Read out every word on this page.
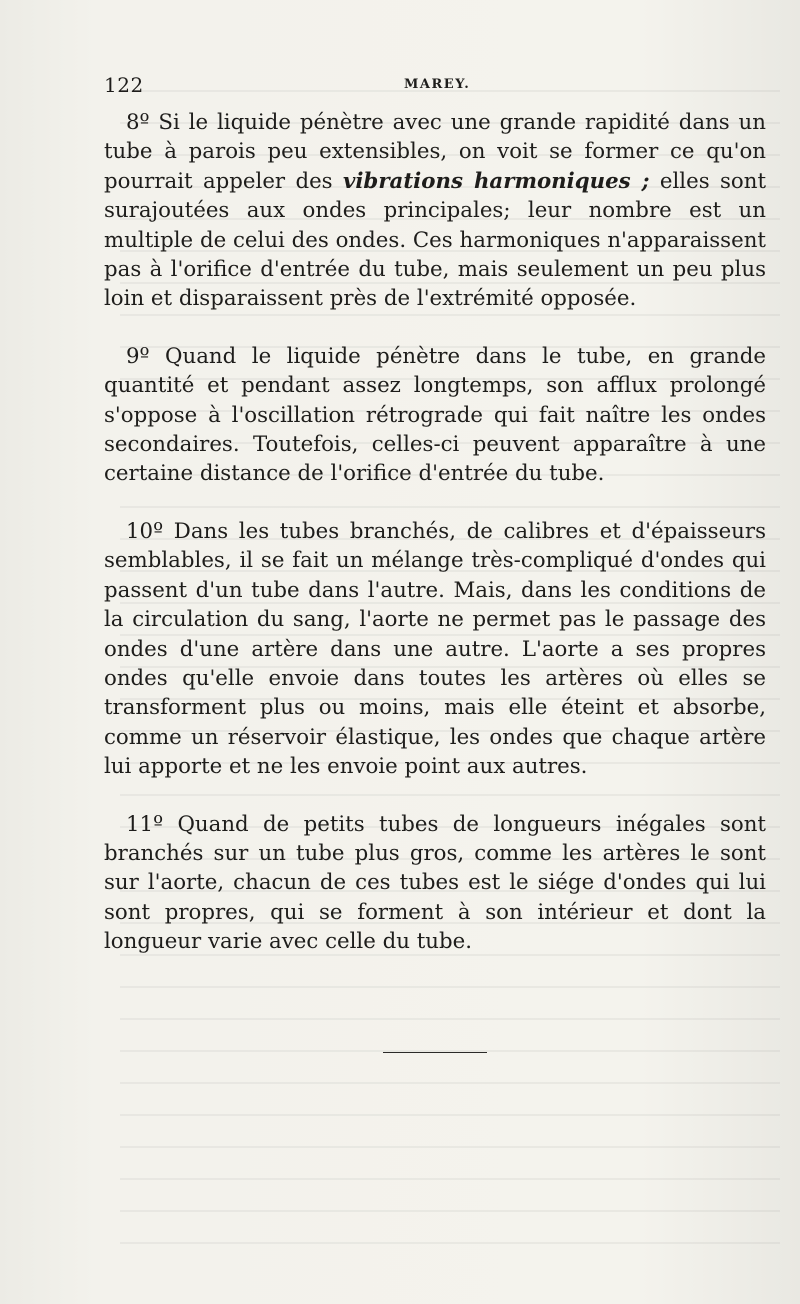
122	MAREY.

8º Si le liquide pénètre avec une grande rapidité dans un tube à parois peu extensibles, on voit se former ce qu'on pourrait appeler des vibrations harmoniques ; elles sont surajoutées aux ondes principales; leur nombre est un multiple de celui des ondes. Ces harmoniques n'apparaissent pas à l'orifice d'entrée du tube, mais seulement un peu plus loin et disparaissent près de l'extrémité opposée.

9º Quand le liquide pénètre dans le tube, en grande quantité et pendant assez longtemps, son afflux prolongé s'oppose à l'oscillation rétrograde qui fait naître les ondes secondaires. Toutefois, celles-ci peuvent apparaître à une certaine distance de l'orifice d'entrée du tube.

10º Dans les tubes branchés, de calibres et d'épaisseurs semblables, il se fait un mélange très-compliqué d'ondes qui passent d'un tube dans l'autre. Mais, dans les conditions de la circulation du sang, l'aorte ne permet pas le passage des ondes d'une artère dans une autre. L'aorte a ses propres ondes qu'elle envoie dans toutes les artères où elles se transforment plus ou moins, mais elle éteint et absorbe, comme un réservoir élastique, les ondes que chaque artère lui apporte et ne les envoie point aux autres.

11º Quand de petits tubes de longueurs inégales sont branchés sur un tube plus gros, comme les artères le sont sur l'aorte, chacun de ces tubes est le siége d'ondes qui lui sont propres, qui se forment à son intérieur et dont la longueur varie avec celle du tube.
